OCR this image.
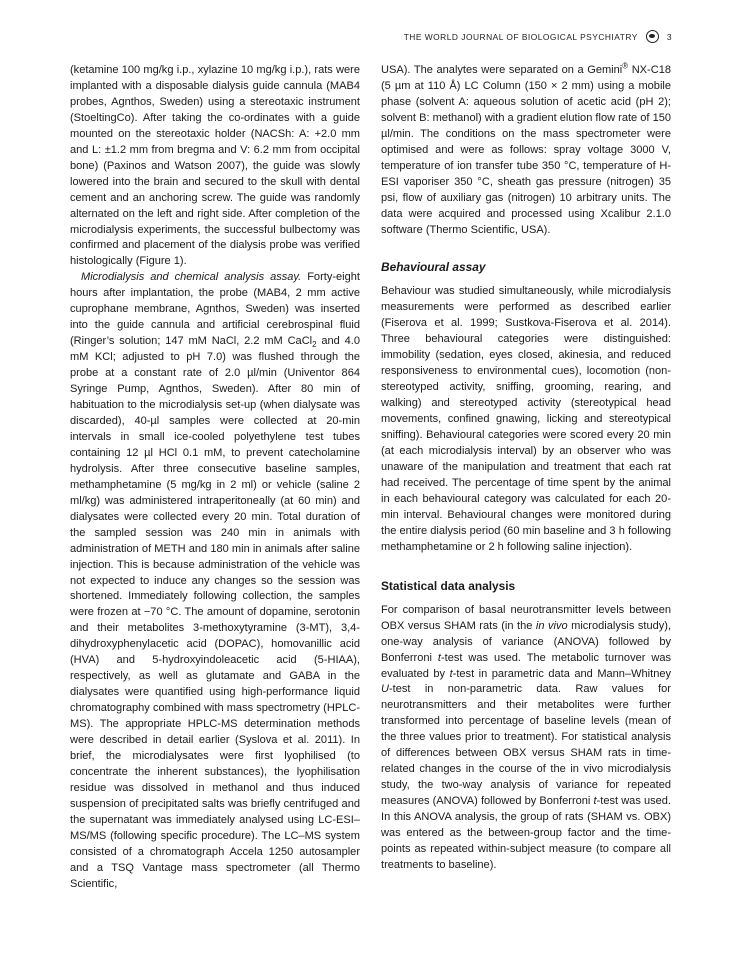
THE WORLD JOURNAL OF BIOLOGICAL PSYCHIATRY	3

(ketamine 100 mg/kg i.p., xylazine 10 mg/kg i.p.), rats were implanted with a disposable dialysis guide cannula (MAB4 probes, Agnthos, Sweden) using a stereotaxic instrument (StoeltingCo). After taking the co-ordinates with a guide mounted on the stereotaxic holder (NACSh: A: +2.0 mm and L: ±1.2 mm from bregma and V: 6.2 mm from occipital bone) (Paxinos and Watson 2007), the guide was slowly lowered into the brain and secured to the skull with dental cement and an anchoring screw. The guide was randomly alternated on the left and right side. After completion of the microdialysis experiments, the successful bulbectomy was confirmed and placement of the dialysis probe was verified histologically (Figure 1).

Microdialysis and chemical analysis assay. Forty-eight hours after implantation, the probe (MAB4, 2 mm active cuprophane membrane, Agnthos, Sweden) was inserted into the guide cannula and artificial cerebrospinal fluid (Ringer’s solution; 147 mM NaCl, 2.2 mM CaCl$_2$ and 4.0 mM KCl; adjusted to pH 7.0) was flushed through the probe at a constant rate of 2.0 µl/min (Univentor 864 Syringe Pump, Agnthos, Sweden). After 80 min of habituation to the microdialysis set-up (when dialysate was discarded), 40-µl samples were collected at 20-min intervals in small ice-cooled polyethylene test tubes containing 12 µl HCl 0.1 mM, to prevent catecholamine hydrolysis. After three consecutive baseline samples, methamphetamine (5 mg/kg in 2 ml) or vehicle (saline 2 ml/kg) was administered intraperitoneally (at 60 min) and dialysates were collected every 20 min. Total duration of the sampled session was 240 min in animals with administration of METH and 180 min in animals after saline injection. This is because administration of the vehicle was not expected to induce any changes so the session was shortened. Immediately following collection, the samples were frozen at −70 °C. The amount of dopamine, serotonin and their metabolites 3-methoxytyramine (3-MT), 3,4-dihydroxyphenylacetic acid (DOPAC), homovanillic acid (HVA) and 5-hydroxyindoleacetic acid (5-HIAA), respectively, as well as glutamate and GABA in the dialysates were quantified using high-performance liquid chromatography combined with mass spectrometry (HPLC-MS). The appropriate HPLC-MS determination methods were described in detail earlier (Syslova et al. 2011). In brief, the microdialysates were first lyophilised (to concentrate the inherent substances), the lyophilisation residue was dissolved in methanol and thus induced suspension of precipitated salts was briefly centrifuged and the supernatant was immediately analysed using LC-ESI–MS/MS (following specific procedure). The LC–MS system consisted of a chromatograph Accela 1250 autosampler and a TSQ Vantage mass spectrometer (all Thermo Scientific,

USA). The analytes were separated on a Gemini® NX-C18 (5 µm at 110 Å) LC Column (150 × 2 mm) using a mobile phase (solvent A: aqueous solution of acetic acid (pH 2); solvent B: methanol) with a gradient elution flow rate of 150 µl/min. The conditions on the mass spectrometer were optimised and were as follows: spray voltage 3000 V, temperature of ion transfer tube 350 °C, temperature of H-ESI vaporiser 350 °C, sheath gas pressure (nitrogen) 35 psi, flow of auxiliary gas (nitrogen) 10 arbitrary units. The data were acquired and processed using Xcalibur 2.1.0 software (Thermo Scientific, USA).

Behavioural assay

Behaviour was studied simultaneously, while microdialysis measurements were performed as described earlier (Fiserova et al. 1999; Sustkova-Fiserova et al. 2014). Three behavioural categories were distinguished: immobility (sedation, eyes closed, akinesia, and reduced responsiveness to environmental cues), locomotion (non-stereotyped activity, sniffing, grooming, rearing, and walking) and stereotyped activity (stereotypical head movements, confined gnawing, licking and stereotypical sniffing). Behavioural categories were scored every 20 min (at each microdialysis interval) by an observer who was unaware of the manipulation and treatment that each rat had received. The percentage of time spent by the animal in each behavioural category was calculated for each 20-min interval. Behavioural changes were monitored during the entire dialysis period (60 min baseline and 3 h following methamphetamine or 2 h following saline injection).

Statistical data analysis

For comparison of basal neurotransmitter levels between OBX versus SHAM rats (in the in vivo microdialysis study), one-way analysis of variance (ANOVA) followed by Bonferroni t-test was used. The metabolic turnover was evaluated by t-test in parametric data and Mann–Whitney U-test in non-parametric data. Raw values for neurotransmitters and their metabolites were further transformed into percentage of baseline levels (mean of the three values prior to treatment). For statistical analysis of differences between OBX versus SHAM rats in time-related changes in the course of the in vivo microdialysis study, the two-way analysis of variance for repeated measures (ANOVA) followed by Bonferroni t-test was used. In this ANOVA analysis, the group of rats (SHAM vs. OBX) was entered as the between-group factor and the time-points as repeated within-subject measure (to compare all treatments to baseline).
